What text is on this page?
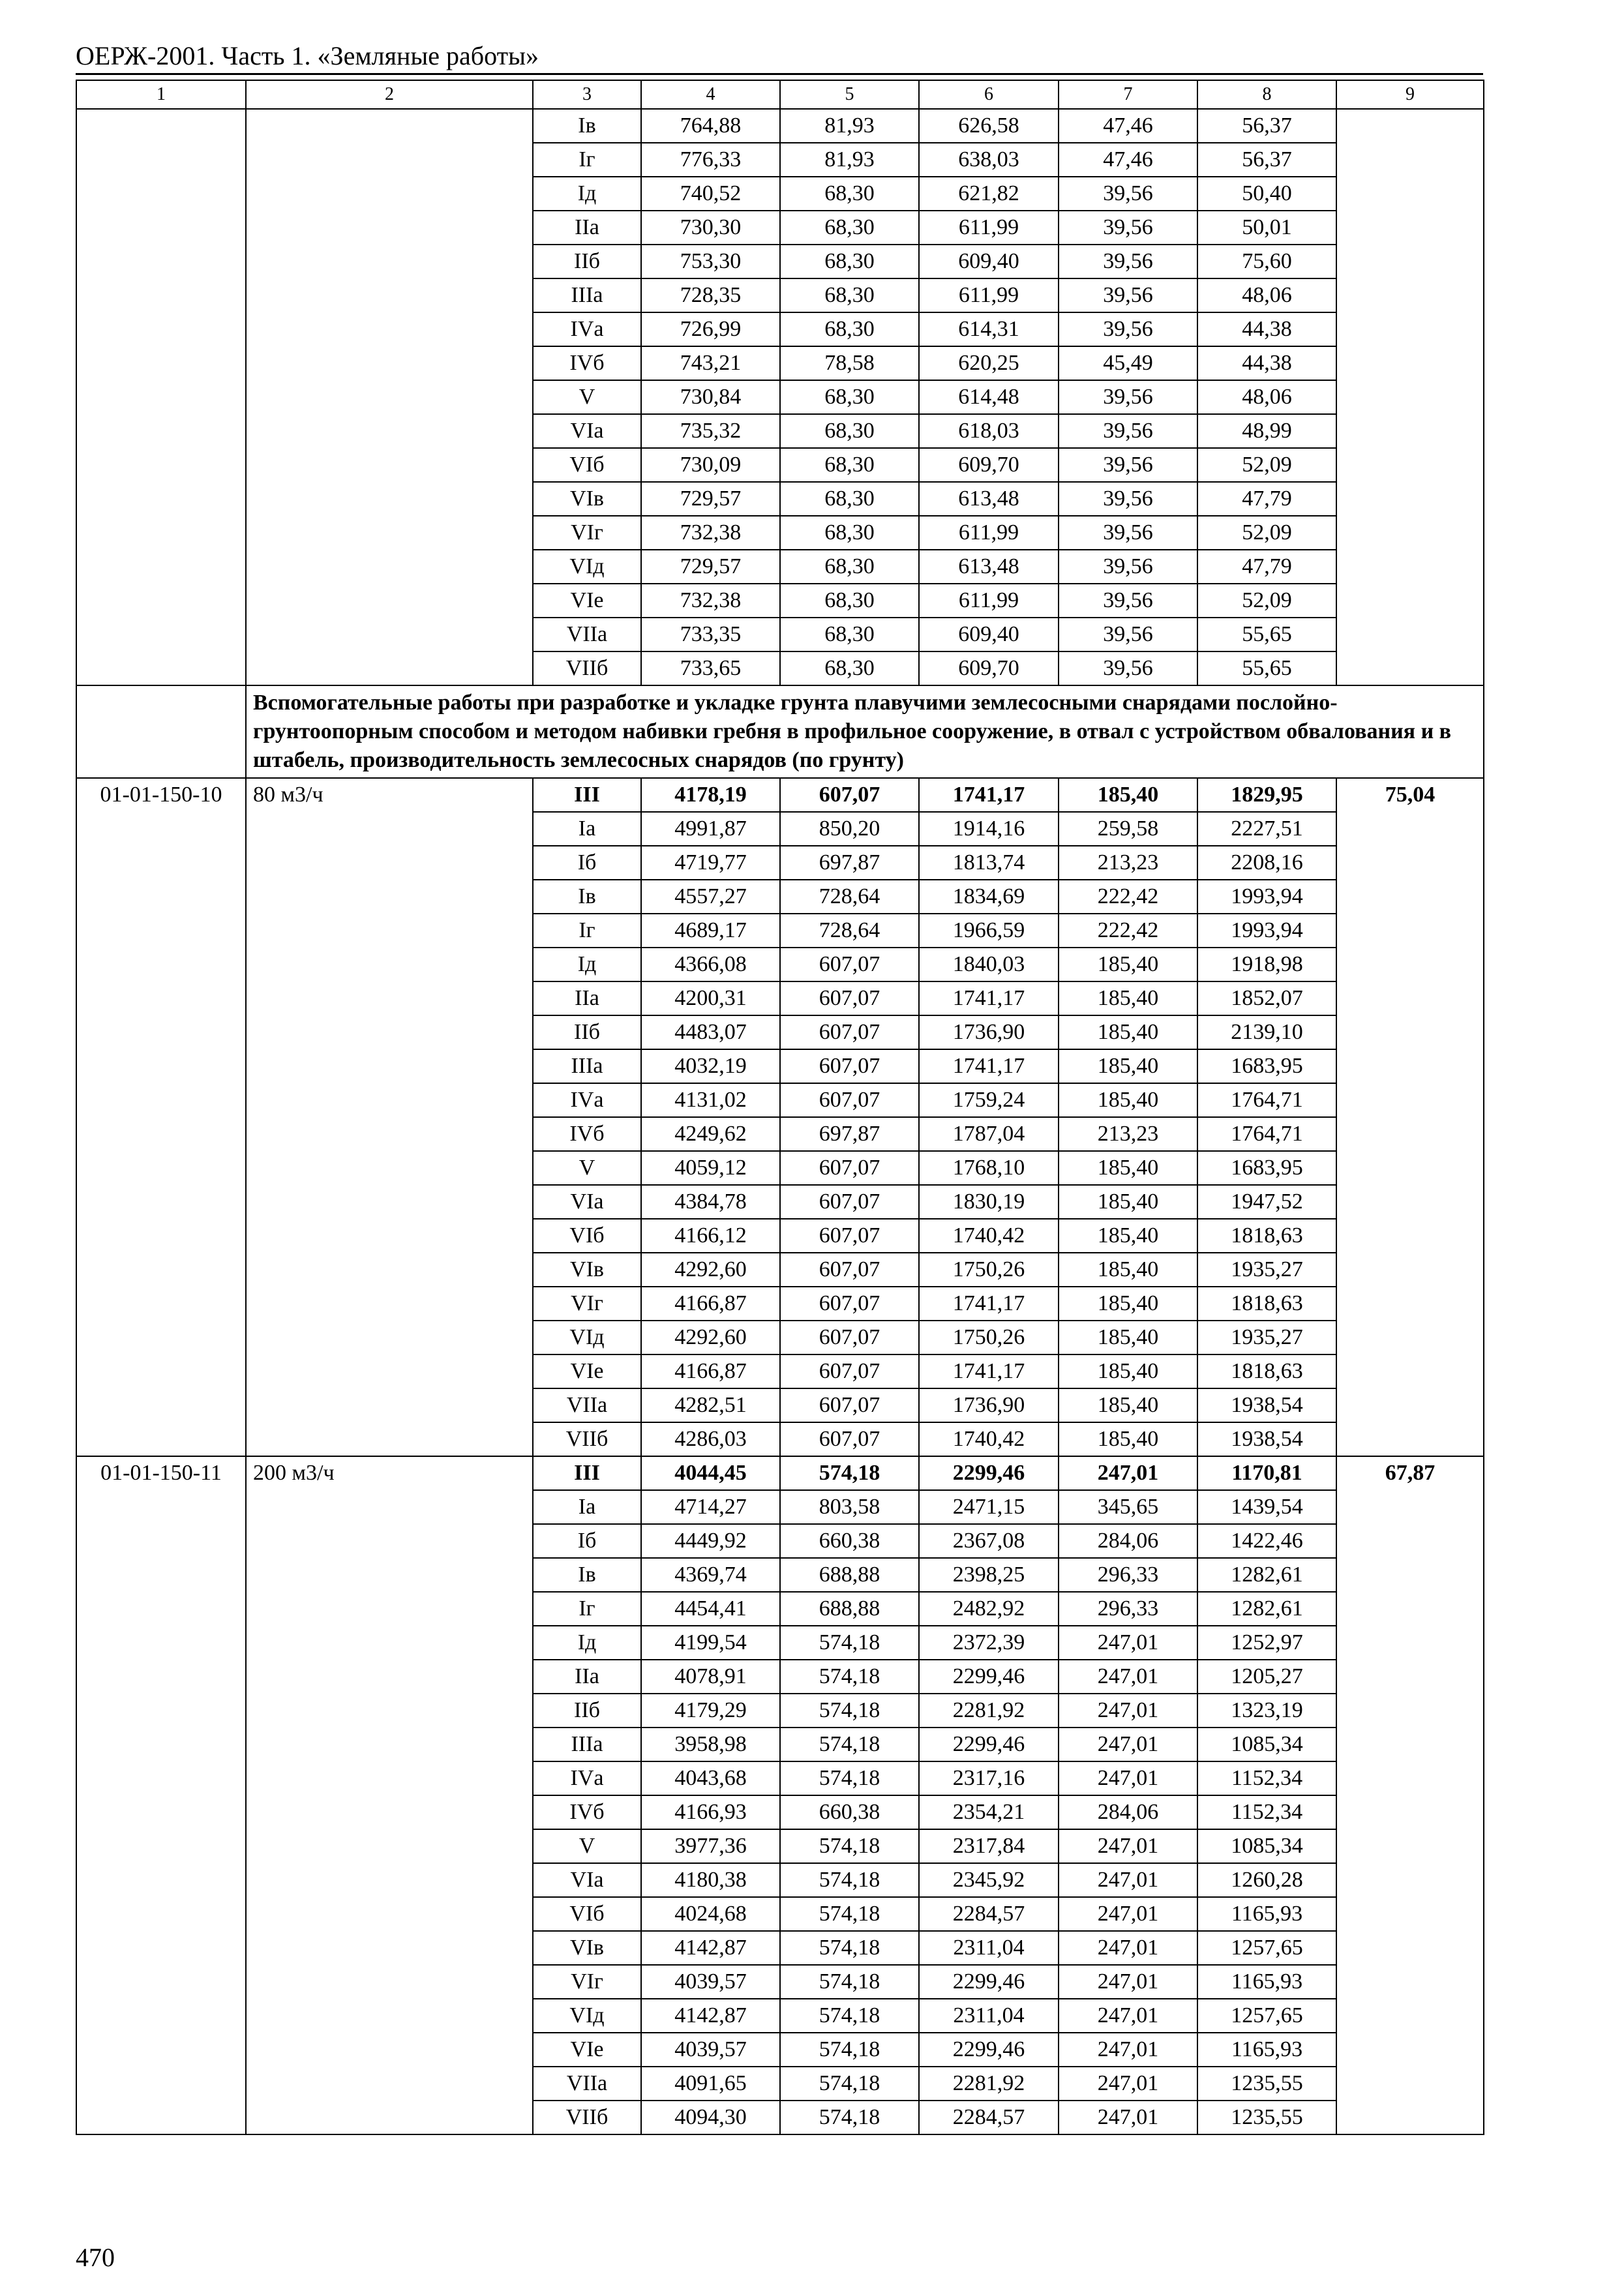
ОЕРЖ-2001. Часть 1. «Земляные работы»
1	2	3	4	5	6	7	8	9
		Iв	764,88	81,93	626,58	47,46	56,37	
		Iг	776,33	81,93	638,03	47,46	56,37	
		Iд	740,52	68,30	621,82	39,56	50,40	
		IIа	730,30	68,30	611,99	39,56	50,01	
		IIб	753,30	68,30	609,40	39,56	75,60	
		IIIа	728,35	68,30	611,99	39,56	48,06	
		IVа	726,99	68,30	614,31	39,56	44,38	
		IVб	743,21	78,58	620,25	45,49	44,38	
		V	730,84	68,30	614,48	39,56	48,06	
		VIа	735,32	68,30	618,03	39,56	48,99	
		VIб	730,09	68,30	609,70	39,56	52,09	
		VIв	729,57	68,30	613,48	39,56	47,79	
		VIг	732,38	68,30	611,99	39,56	52,09	
		VIд	729,57	68,30	613,48	39,56	47,79	
		VIе	732,38	68,30	611,99	39,56	52,09	
		VIIа	733,35	68,30	609,40	39,56	55,65	
		VIIб	733,65	68,30	609,70	39,56	55,65	
	Вспомогательные работы при разработке и укладке грунта плавучими землесосными снарядами послойно-грунтоопорным способом и методом набивки гребня в профильное сооружение, в отвал с устройством обвалования и в штабель, производительность землесосных снарядов (по грунту)							
01-01-150-10	80 м3/ч	III	4178,19	607,07	1741,17	185,40	1829,95	75,04
		Iа	4991,87	850,20	1914,16	259,58	2227,51	
		Iб	4719,77	697,87	1813,74	213,23	2208,16	
		Iв	4557,27	728,64	1834,69	222,42	1993,94	
		Iг	4689,17	728,64	1966,59	222,42	1993,94	
		Iд	4366,08	607,07	1840,03	185,40	1918,98	
		IIа	4200,31	607,07	1741,17	185,40	1852,07	
		IIб	4483,07	607,07	1736,90	185,40	2139,10	
		IIIа	4032,19	607,07	1741,17	185,40	1683,95	
		IVа	4131,02	607,07	1759,24	185,40	1764,71	
		IVб	4249,62	697,87	1787,04	213,23	1764,71	
		V	4059,12	607,07	1768,10	185,40	1683,95	
		VIа	4384,78	607,07	1830,19	185,40	1947,52	
		VIб	4166,12	607,07	1740,42	185,40	1818,63	
		VIв	4292,60	607,07	1750,26	185,40	1935,27	
		VIг	4166,87	607,07	1741,17	185,40	1818,63	
		VIд	4292,60	607,07	1750,26	185,40	1935,27	
		VIе	4166,87	607,07	1741,17	185,40	1818,63	
		VIIа	4282,51	607,07	1736,90	185,40	1938,54	
		VIIб	4286,03	607,07	1740,42	185,40	1938,54	
01-01-150-11	200 м3/ч	III	4044,45	574,18	2299,46	247,01	1170,81	67,87
		Iа	4714,27	803,58	2471,15	345,65	1439,54	
		Iб	4449,92	660,38	2367,08	284,06	1422,46	
		Iв	4369,74	688,88	2398,25	296,33	1282,61	
		Iг	4454,41	688,88	2482,92	296,33	1282,61	
		Iд	4199,54	574,18	2372,39	247,01	1252,97	
		IIа	4078,91	574,18	2299,46	247,01	1205,27	
		IIб	4179,29	574,18	2281,92	247,01	1323,19	
		IIIа	3958,98	574,18	2299,46	247,01	1085,34	
		IVа	4043,68	574,18	2317,16	247,01	1152,34	
		IVб	4166,93	660,38	2354,21	284,06	1152,34	
		V	3977,36	574,18	2317,84	247,01	1085,34	
		VIа	4180,38	574,18	2345,92	247,01	1260,28	
		VIб	4024,68	574,18	2284,57	247,01	1165,93	
		VIв	4142,87	574,18	2311,04	247,01	1257,65	
		VIг	4039,57	574,18	2299,46	247,01	1165,93	
		VIд	4142,87	574,18	2311,04	247,01	1257,65	
		VIе	4039,57	574,18	2299,46	247,01	1165,93	
		VIIа	4091,65	574,18	2281,92	247,01	1235,55	
		VIIб	4094,30	574,18	2284,57	247,01	1235,55	
470
